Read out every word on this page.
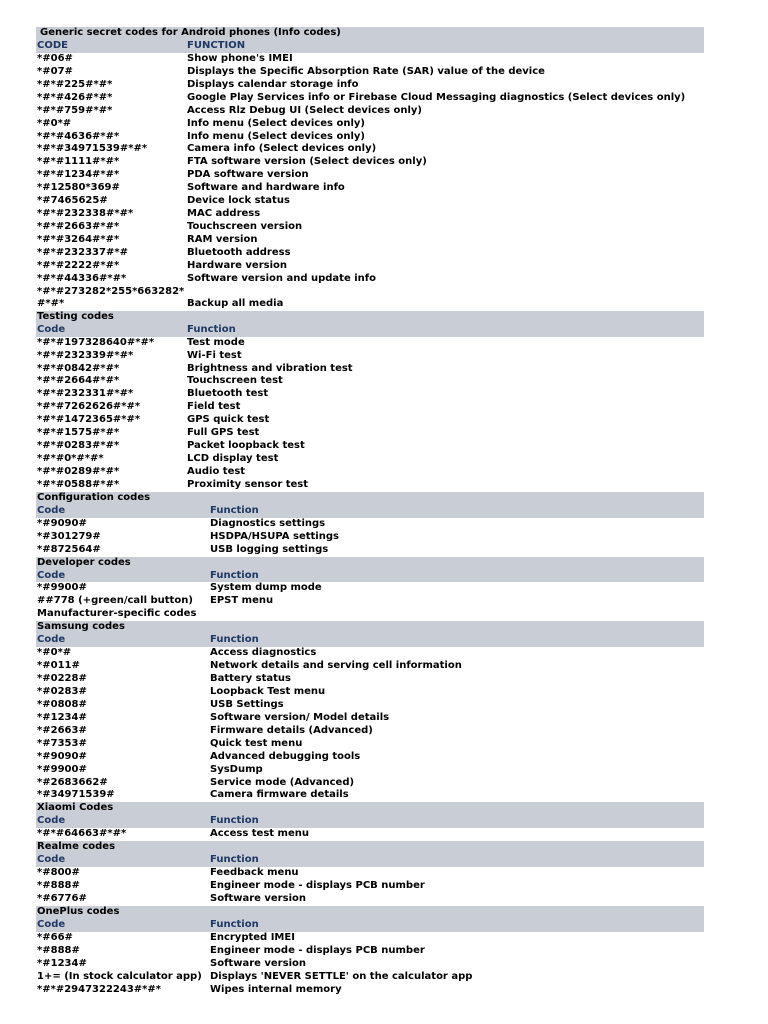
Generic secret codes for Android phones (Info codes)
CODE	FUNCTION
*#06#	Show phone's IMEI
*#07#	Displays the Specific Absorption Rate (SAR) value of the device
*#*#225#*#*	Displays calendar storage info
*#*#426#*#*	Google Play Services info or Firebase Cloud Messaging diagnostics (Select devices only)
*#*#759#*#*	Access Rlz Debug UI (Select devices only)
*#0*#	Info menu (Select devices only)
*#*#4636#*#*	Info menu (Select devices only)
*#*#34971539#*#*	Camera info (Select devices only)
*#*#1111#*#*	FTA software version (Select devices only)
*#*#1234#*#*	PDA software version
*#12580*369#	Software and hardware info
*#7465625#	Device lock status
*#*#232338#*#*	MAC address
*#*#2663#*#*	Touchscreen version
*#*#3264#*#*	RAM version
*#*#232337#*#	Bluetooth address
*#*#2222#*#*	Hardware version
*#*#44336#*#*	Software version and update info
*#*#273282*255*663282*
#*#*	Backup all media
Testing codes
Code	Function
*#*#197328640#*#*	Test mode
*#*#232339#*#*	Wi-Fi test
*#*#0842#*#*	Brightness and vibration test
*#*#2664#*#*	Touchscreen test
*#*#232331#*#*	Bluetooth test
*#*#7262626#*#*	Field test
*#*#1472365#*#*	GPS quick test
*#*#1575#*#*	Full GPS test
*#*#0283#*#*	Packet loopback test
*#*#0*#*#*	LCD display test
*#*#0289#*#*	Audio test
*#*#0588#*#*	Proximity sensor test
Configuration codes
Code	Function
*#9090#	Diagnostics settings
*#301279#	HSDPA/HSUPA settings
*#872564#	USB logging settings
Developer codes
Code	Function
*#9900#	System dump mode
##778 (+green/call button) EPST menu
Manufacturer-specific codes
Samsung codes
Code	Function
*#0*#	Access diagnostics
*#011#	Network details and serving cell information
*#0228#	Battery status
*#0283#	Loopback Test menu
*#0808#	USB Settings
*#1234#	Software version/ Model details
*#2663#	Firmware details (Advanced)
*#7353#	Quick test menu
*#9090#	Advanced debugging tools
*#9900#	SysDump
*#2683662#	Service mode (Advanced)
*#34971539#	Camera firmware details
Xiaomi Codes
Code	Function
*#*#64663#*#*	Access test menu
Realme codes
Code	Function
*#800#	Feedback menu
*#888#	Engineer mode - displays PCB number
*#6776#	Software version
OnePlus codes
Code	Function
*#66#	Encrypted IMEI
*#888#	Engineer mode - displays PCB number
*#1234#	Software version
1+= (In stock calculator app) Displays 'NEVER SETTLE' on the calculator app
*#*#2947322243#*#*	Wipes internal memory
